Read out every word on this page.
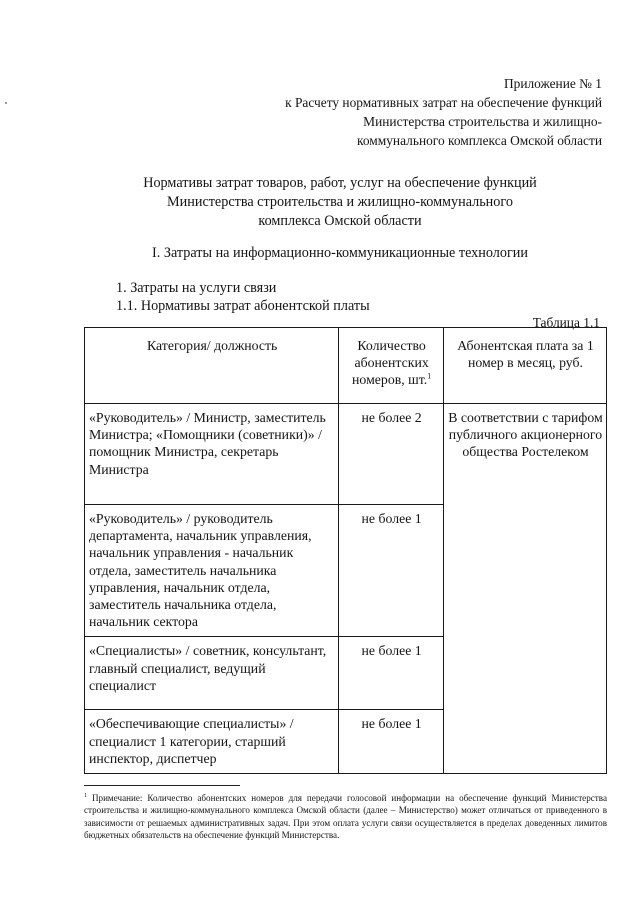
Приложение № 1
к Расчету нормативных затрат на обеспечение функций
Министерства строительства и жилищно-
коммунального комплекса Омской области
Нормативы затрат товаров, работ, услуг на обеспечение функций
Министерства строительства и жилищно-коммунального
комплекса Омской области
I. Затраты на информационно-коммуникационные технологии
1. Затраты на услуги связи
1.1. Нормативы затрат абонентской платы
Таблица 1.1
Категория/ должность	Количество абонентских номеров, шт.$^1$	Абонентская плата за 1 номер в месяц, руб.
«Руководитель» / Министр, заместитель Министра; «Помощники (советники)» /помощник Министра, секретарь Министра	не более 2	В соответствии с тарифом публичного акционерного общества Ростелеком
«Руководитель» / руководитель департамента, начальник управления, начальник управления - начальник отдела, заместитель начальника управления, начальник отдела, заместитель начальника отдела, начальник сектора	не более 1	
«Специалисты» / советник, консультант, главный специалист, ведущий специалист	не более 1	
«Обеспечивающие специалисты» / специалист 1 категории, старший инспектор, диспетчер	не более 1	
$^1$ Примечание: Количество абонентских номеров для передачи голосовой информации на обеспечение функций Министерства строительства и жилищно-коммунального комплекса Омской области (далее – Министерство) может отличаться от приведенного в зависимости от решаемых административных задач. При этом оплата услуги связи осуществляется в пределах доведенных лимитов бюджетных обязательств на обеспечение функций Министерства.
